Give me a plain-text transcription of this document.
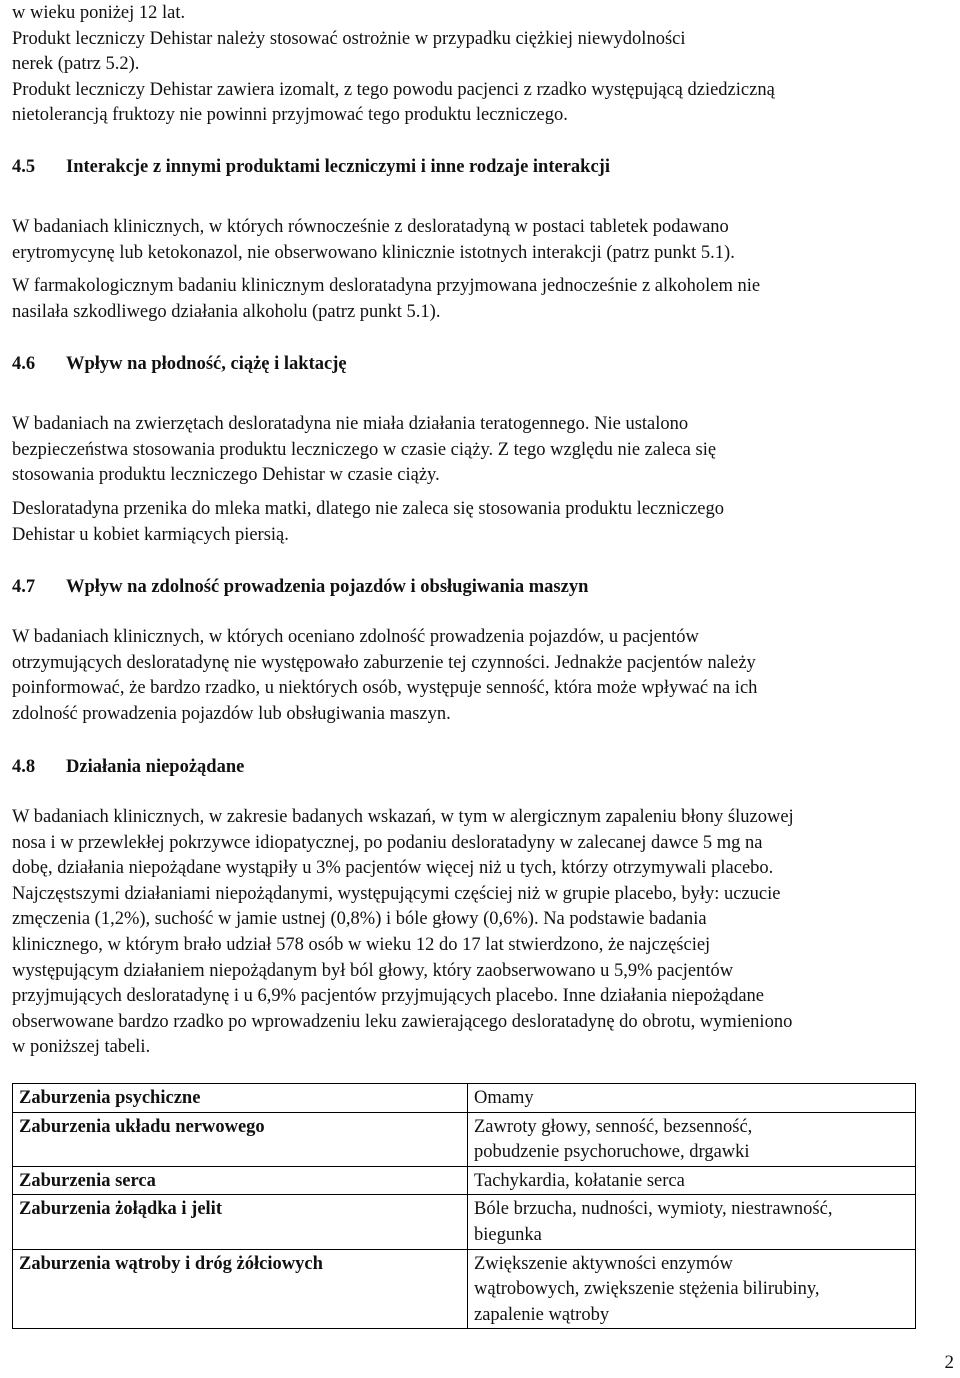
w wieku poniżej 12 lat.
Produkt leczniczy Dehistar należy stosować ostrożnie w przypadku ciężkiej niewydolności
nerek (patrz 5.2).
Produkt leczniczy Dehistar zawiera izomalt, z tego powodu pacjenci z rzadko występującą dziedziczną
nietolerancją fruktozy nie powinni przyjmować tego produktu leczniczego.
4.5 Interakcje z innymi produktami leczniczymi i inne rodzaje interakcji
W badaniach klinicznych, w których równocześnie z desloratadyną w postaci tabletek podawano
erytromycynę lub ketokonazol, nie obserwowano klinicznie istotnych interakcji (patrz punkt 5.1).
W farmakologicznym badaniu klinicznym desloratadyna przyjmowana jednocześnie z alkoholem nie
nasilała szkodliwego działania alkoholu (patrz punkt 5.1).
4.6 Wpływ na płodność, ciążę i laktację
W badaniach na zwierzętach desloratadyna nie miała działania teratogennego. Nie ustalono
bezpieczeństwa stosowania produktu leczniczego w czasie ciąży. Z tego względu nie zaleca się
stosowania produktu leczniczego Dehistar w czasie ciąży.
Desloratadyna przenika do mleka matki, dlatego nie zaleca się stosowania produktu leczniczego
Dehistar u kobiet karmiących piersią.
4.7 Wpływ na zdolność prowadzenia pojazdów i obsługiwania maszyn
W badaniach klinicznych, w których oceniano zdolność prowadzenia pojazdów, u pacjentów
otrzymujących desloratadynę nie występowało zaburzenie tej czynności. Jednakże pacjentów należy
poinformować, że bardzo rzadko, u niektórych osób, występuje senność, która może wpływać na ich
zdolność prowadzenia pojazdów lub obsługiwania maszyn.
4.8 Działania niepożądane
W badaniach klinicznych, w zakresie badanych wskazań, w tym w alergicznym zapaleniu błony śluzowej
nosa i w przewlekłej pokrzywce idiopatycznej, po podaniu desloratadyny w zalecanej dawce 5 mg na
dobę, działania niepożądane wystąpiły u 3% pacjentów więcej niż u tych, którzy otrzymywali placebo.
Najczęstszymi działaniami niepożądanymi, występującymi częściej niż w grupie placebo, były: uczucie
zmęczenia (1,2%), suchość w jamie ustnej (0,8%) i bóle głowy (0,6%). Na podstawie badania
klinicznego, w którym brało udział 578 osób w wieku 12 do 17 lat stwierdzono, że najczęściej
występującym działaniem niepożądanym był ból głowy, który zaobserwowano u 5,9% pacjentów
przyjmujących desloratadynę i u 6,9% pacjentów przyjmujących placebo. Inne działania niepożądane
obserwowane bardzo rzadko po wprowadzeniu leku zawierającego desloratadynę do obrotu, wymieniono
w poniższej tabeli.
Zaburzenia psychiczne	Omamy
Zaburzenia układu nerwowego	Zawroty głowy, senność, bezsenność,
pobudzenie psychoruchowe, drgawki

Zaburzenia serca	Tachykardia, kołatanie serca
Zaburzenia żołądka i jelit	Bóle brzucha, nudności, wymioty, niestrawność,
biegunka

Zaburzenia wątroby i dróg żółciowych	Zwiększenie aktywności enzymów
wątrobowych, zwiększenie stężenia bilirubiny,
zapalenie wątroby
2
